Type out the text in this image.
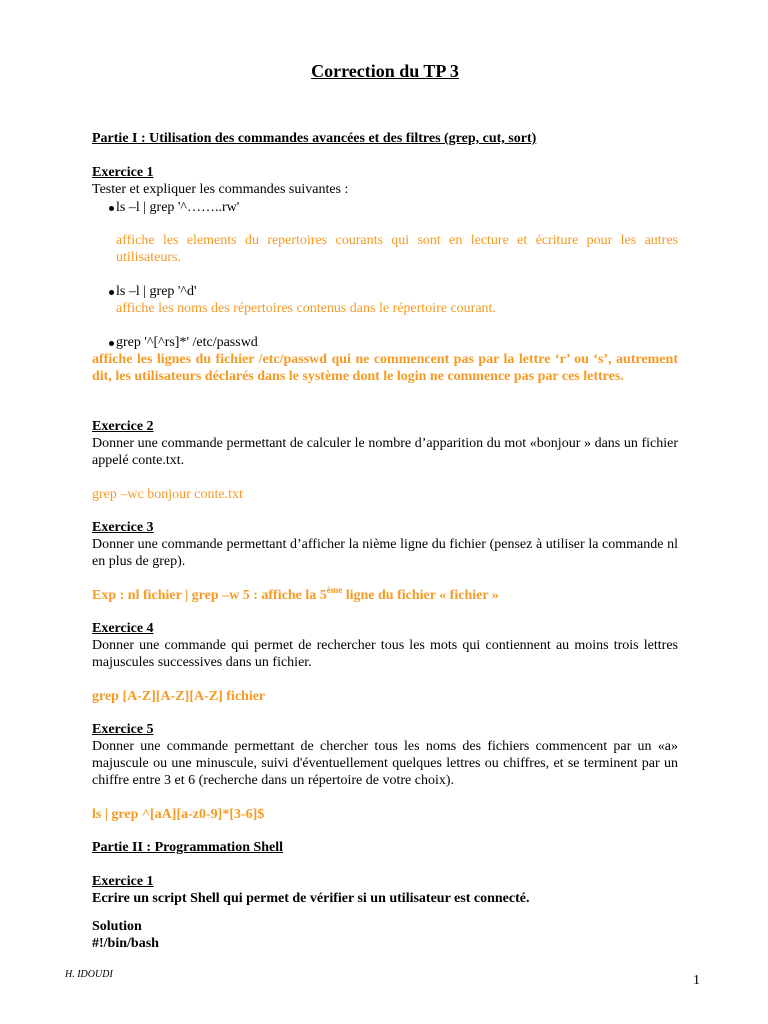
Correction du TP 3
Partie I : Utilisation des commandes avancées et des filtres (grep, cut, sort)
Exercice 1
Tester et expliquer les commandes suivantes :
ls –l | grep '^……..rw'
affiche les elements du repertoires courants qui sont en lecture et écriture pour les autres utilisateurs.
ls –l | grep '^d'
affiche les noms des répertoires contenus dans le répertoire courant.
grep '^[^rs]*' /etc/passwd
affiche les lignes du fichier /etc/passwd qui ne commencent pas par la lettre ‘r’ ou ‘s’, autrement dit, les utilisateurs déclarés dans le système dont le login ne commence pas par ces lettres.
Exercice 2
Donner une commande permettant de calculer le nombre d’apparition du mot «bonjour » dans un fichier appelé conte.txt.
grep –wc bonjour conte.txt
Exercice 3
Donner une commande permettant d’afficher la nième ligne du fichier (pensez à utiliser la commande nl en plus de grep).
Exp : nl fichier | grep –w 5 : affiche la 5ème ligne du fichier « fichier »
Exercice 4
Donner une commande qui permet de rechercher tous les mots qui contiennent au moins trois lettres majuscules successives dans un fichier.
grep [A-Z][A-Z][A-Z] fichier
Exercice 5
Donner une commande permettant de chercher tous les noms des fichiers commencent par un «a» majuscule ou une minuscule, suivi d'éventuellement quelques lettres ou chiffres, et se terminent par un chiffre entre 3 et 6 (recherche dans un répertoire de votre choix).
ls | grep ^[aA][a-z0-9]*[3-6]$
Partie II : Programmation Shell
Exercice 1
Ecrire un script Shell qui permet de vérifier si un utilisateur est connecté.
Solution
#!/bin/bash
H. IDOUDI	1
